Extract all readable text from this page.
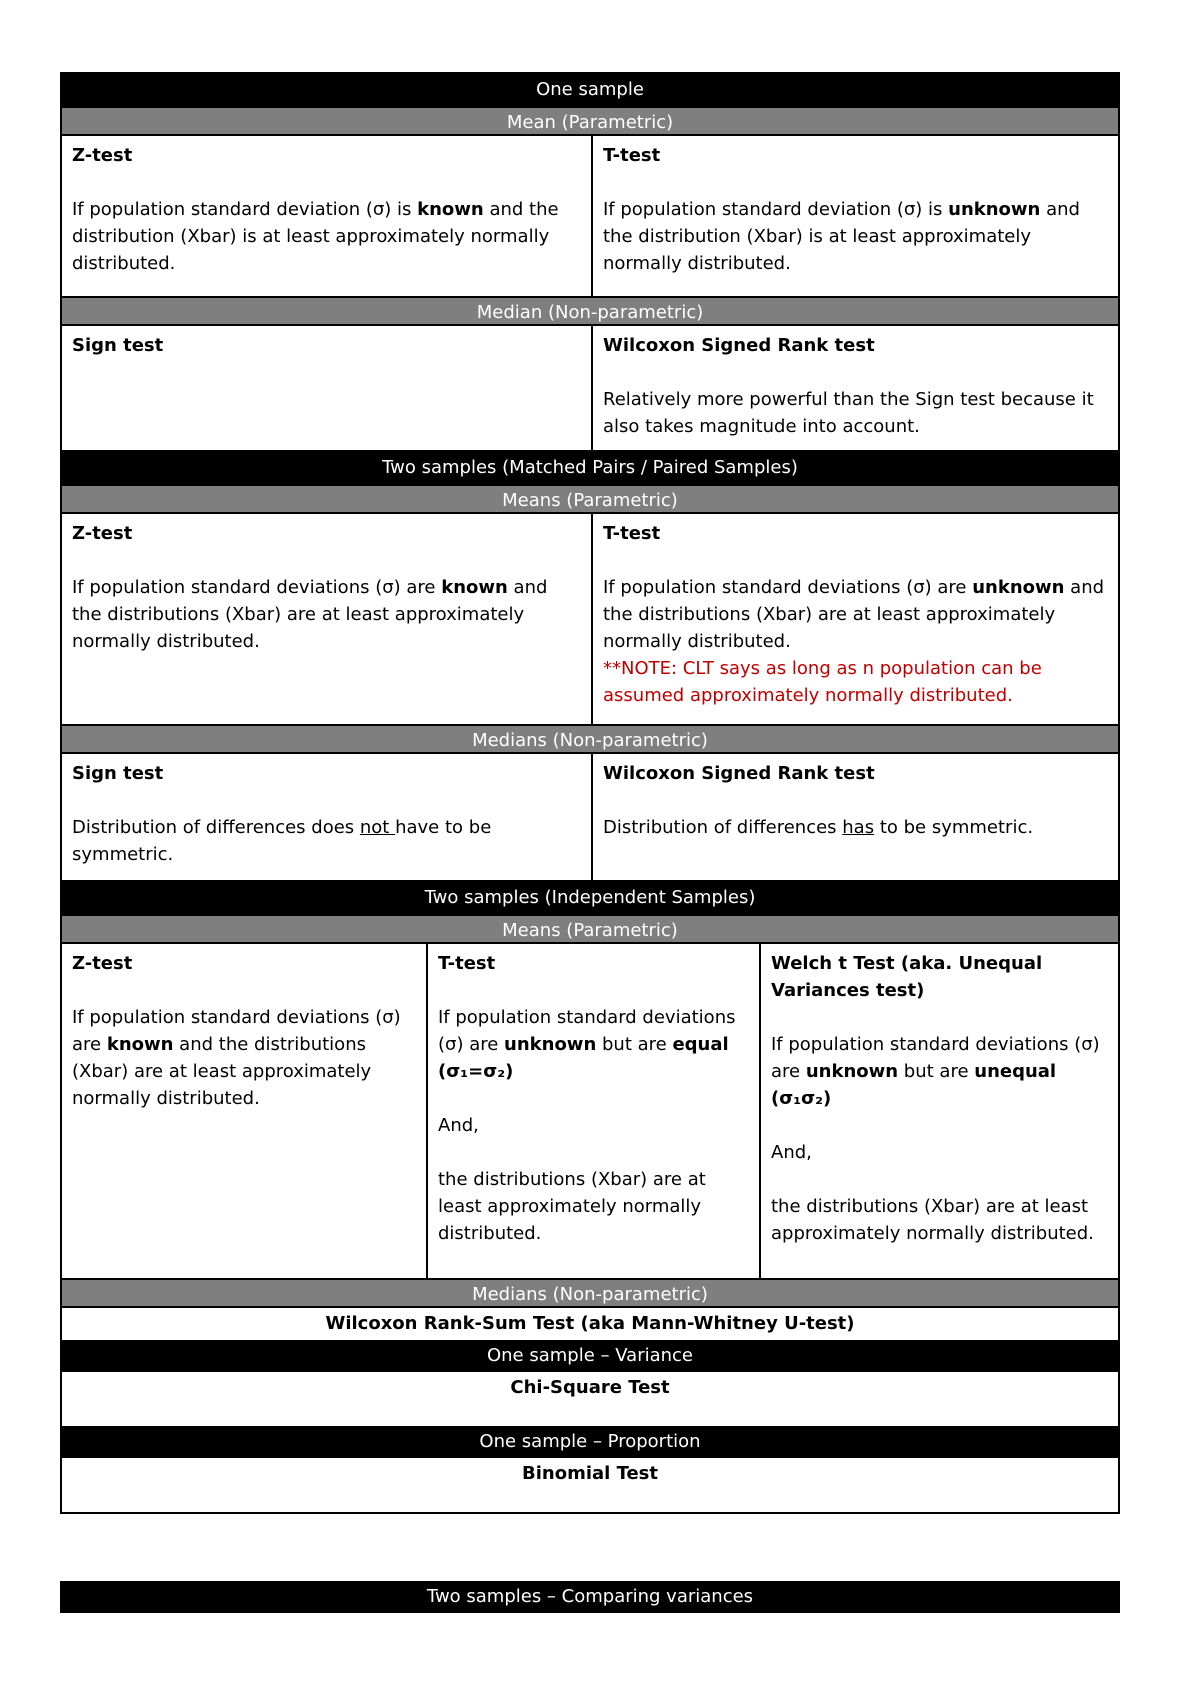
One sample
Mean (Parametric)
Z-test
If population standard deviation (σ) is known and the distribution (Xbar) is at least approximately normally distributed.
T-test
If population standard deviation (σ) is unknown and the distribution (Xbar) is at least approximately normally distributed.
Median (Non-parametric)
Sign test	Wilcoxon Signed Rank test
Relatively more powerful than the Sign test because it also takes magnitude into account.
Two samples (Matched Pairs / Paired Samples)
Means (Parametric)
Z-test
If population standard deviations (σ) are known and the distributions (Xbar) are at least approximately normally distributed.
T-test
If population standard deviations (σ) are unknown and the distributions (Xbar) are at least approximately normally distributed.
**NOTE: CLT says as long as n population can be assumed approximately normally distributed.
Medians (Non-parametric)
Sign test
Distribution of differences does not have to be symmetric.
Wilcoxon Signed Rank test
Distribution of differences has to be symmetric.
Two samples (Independent Samples)
Means (Parametric)
Z-test
If population standard deviations (σ) are known and the distributions (Xbar) are at least approximately normally distributed.
T-test
If population standard deviations (σ) are unknown but are equal (σ₁=σ₂)
And,
the distributions (Xbar) are at least approximately normally distributed.
Welch t Test (aka. Unequal Variances test)
If population standard deviations (σ) are unknown but are unequal (σ₁σ₂)
And,
the distributions (Xbar) are at least approximately normally distributed.
Medians (Non-parametric)
Wilcoxon Rank-Sum Test (aka Mann-Whitney U-test)
One sample – Variance
Chi-Square Test
One sample – Proportion
Binomial Test
Two samples – Comparing variances
